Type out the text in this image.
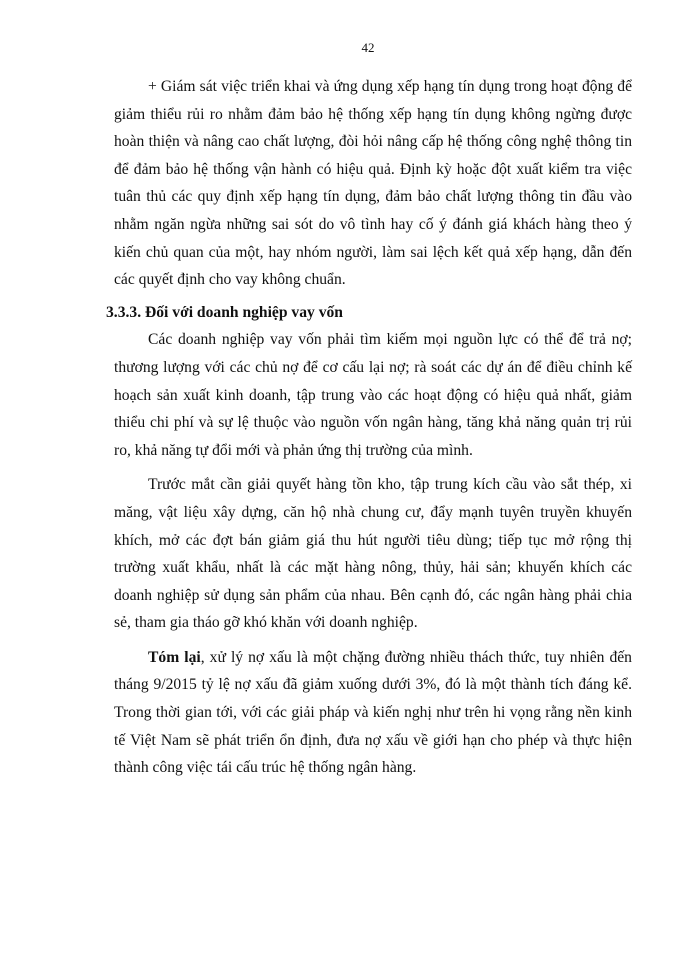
42

+ Giám sát việc triển khai và ứng dụng xếp hạng tín dụng trong hoạt động để giảm thiểu rủi ro nhằm đảm bảo hệ thống xếp hạng tín dụng không ngừng được hoàn thiện và nâng cao chất lượng, đòi hỏi nâng cấp hệ thống công nghệ thông tin để đảm bảo hệ thống vận hành có hiệu quả. Định kỳ hoặc đột xuất kiểm tra việc tuân thủ các quy định xếp hạng tín dụng, đảm bảo chất lượng thông tin đầu vào nhằm ngăn ngừa những sai sót do vô tình hay cố ý đánh giá khách hàng theo ý kiến chủ quan của một, hay nhóm người, làm sai lệch kết quả xếp hạng, dẫn đến các quyết định cho vay không chuẩn.

3.3.3. Đối với doanh nghiệp vay vốn

Các doanh nghiệp vay vốn phải tìm kiếm mọi nguồn lực có thể để trả nợ; thương lượng với các chủ nợ để cơ cấu lại nợ; rà soát các dự án để điều chỉnh kế hoạch sản xuất kinh doanh, tập trung vào các hoạt động có hiệu quả nhất, giảm thiểu chi phí và sự lệ thuộc vào nguồn vốn ngân hàng, tăng khả năng quản trị rủi ro, khả năng tự đổi mới và phản ứng thị trường của mình.

Trước mắt cần giải quyết hàng tồn kho, tập trung kích cầu vào sắt thép, xi măng, vật liệu xây dựng, căn hộ nhà chung cư, đẩy mạnh tuyên truyền khuyến khích, mở các đợt bán giảm giá thu hút người tiêu dùng; tiếp tục mở rộng thị trường xuất khẩu, nhất là các mặt hàng nông, thủy, hải sản; khuyến khích các doanh nghiệp sử dụng sản phẩm của nhau. Bên cạnh đó, các ngân hàng phải chia sẻ, tham gia tháo gỡ khó khăn với doanh nghiệp.

Tóm lại, xử lý nợ xấu là một chặng đường nhiều thách thức, tuy nhiên đến tháng 9/2015 tỷ lệ nợ xấu đã giảm xuống dưới 3%, đó là một thành tích đáng kể. Trong thời gian tới, với các giải pháp và kiến nghị như trên hi vọng rằng nền kinh tế Việt Nam sẽ phát triển ổn định, đưa nợ xấu về giới hạn cho phép và thực hiện thành công việc tái cấu trúc hệ thống ngân hàng.
